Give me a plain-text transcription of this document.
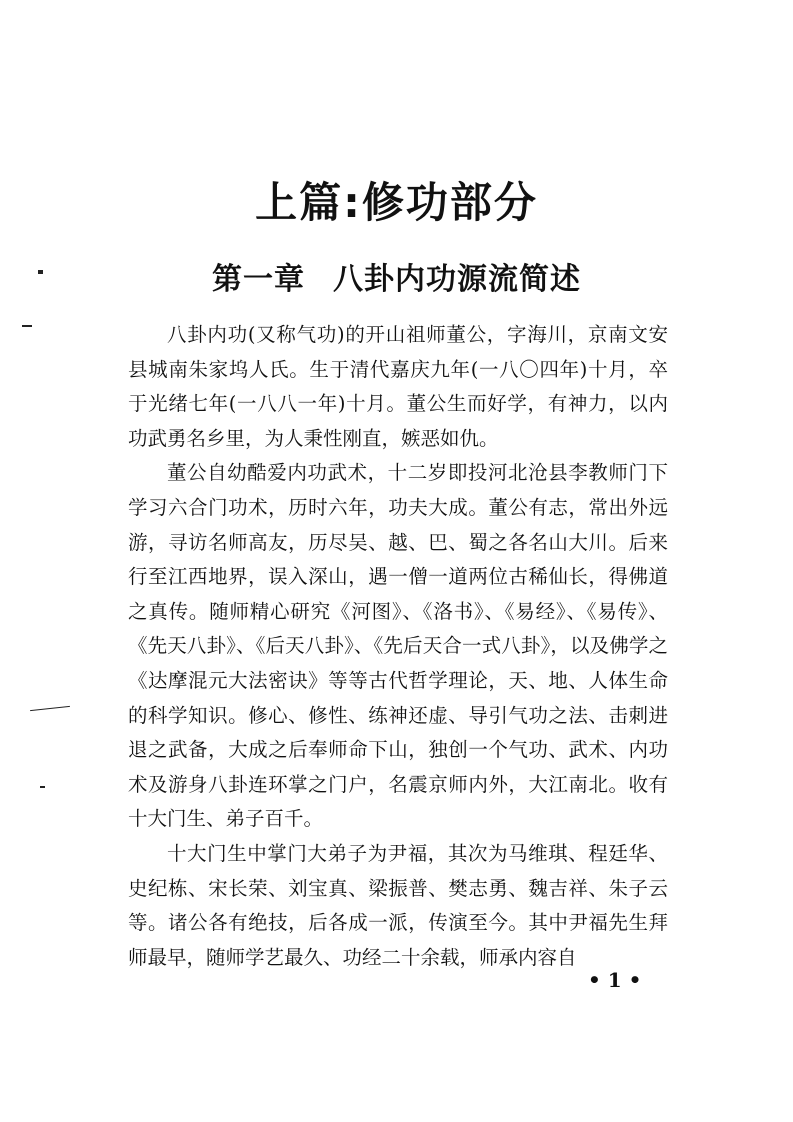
上篇:修功部分
第一章 八卦内功源流简述

八卦内功(又称气功)的开山祖师董公，字海川，京南文安县城南朱家坞人氏。生于清代嘉庆九年(一八〇四年)十月，卒于光绪七年(一八八一年)十月。董公生而好学，有神力，以内功武勇名乡里，为人秉性刚直，嫉恶如仇。

董公自幼酷爱内功武术，十二岁即投河北沧县李教师门下学习六合门功术，历时六年，功夫大成。董公有志，常出外远游，寻访名师高友，历尽吴、越、巴、蜀之各名山大川。后来行至江西地界，误入深山，遇一僧一道两位古稀仙长，得佛道之真传。随师精心研究《河图》、《洛书》、《易经》、《易传》、《先天八卦》、《后天八卦》、《先后天合一式八卦》，以及佛学之《达摩混元大法密诀》等等古代哲学理论，天、地、人体生命的科学知识。修心、修性、练神还虚、导引气功之法、击刺进退之武备，大成之后奉师命下山，独创一个气功、武术、内功术及游身八卦连环掌之门户，名震京师内外，大江南北。收有十大门生、弟子百千。

十大门生中掌门大弟子为尹福，其次为马维琪、程廷华、史纪栋、宋长荣、刘宝真、梁振普、樊志勇、魏吉祥、朱子云等。诸公各有绝技，后各成一派，传演至今。其中尹福先生拜师最早，随师学艺最久、功经二十余载，师承内容自

• 1 •
